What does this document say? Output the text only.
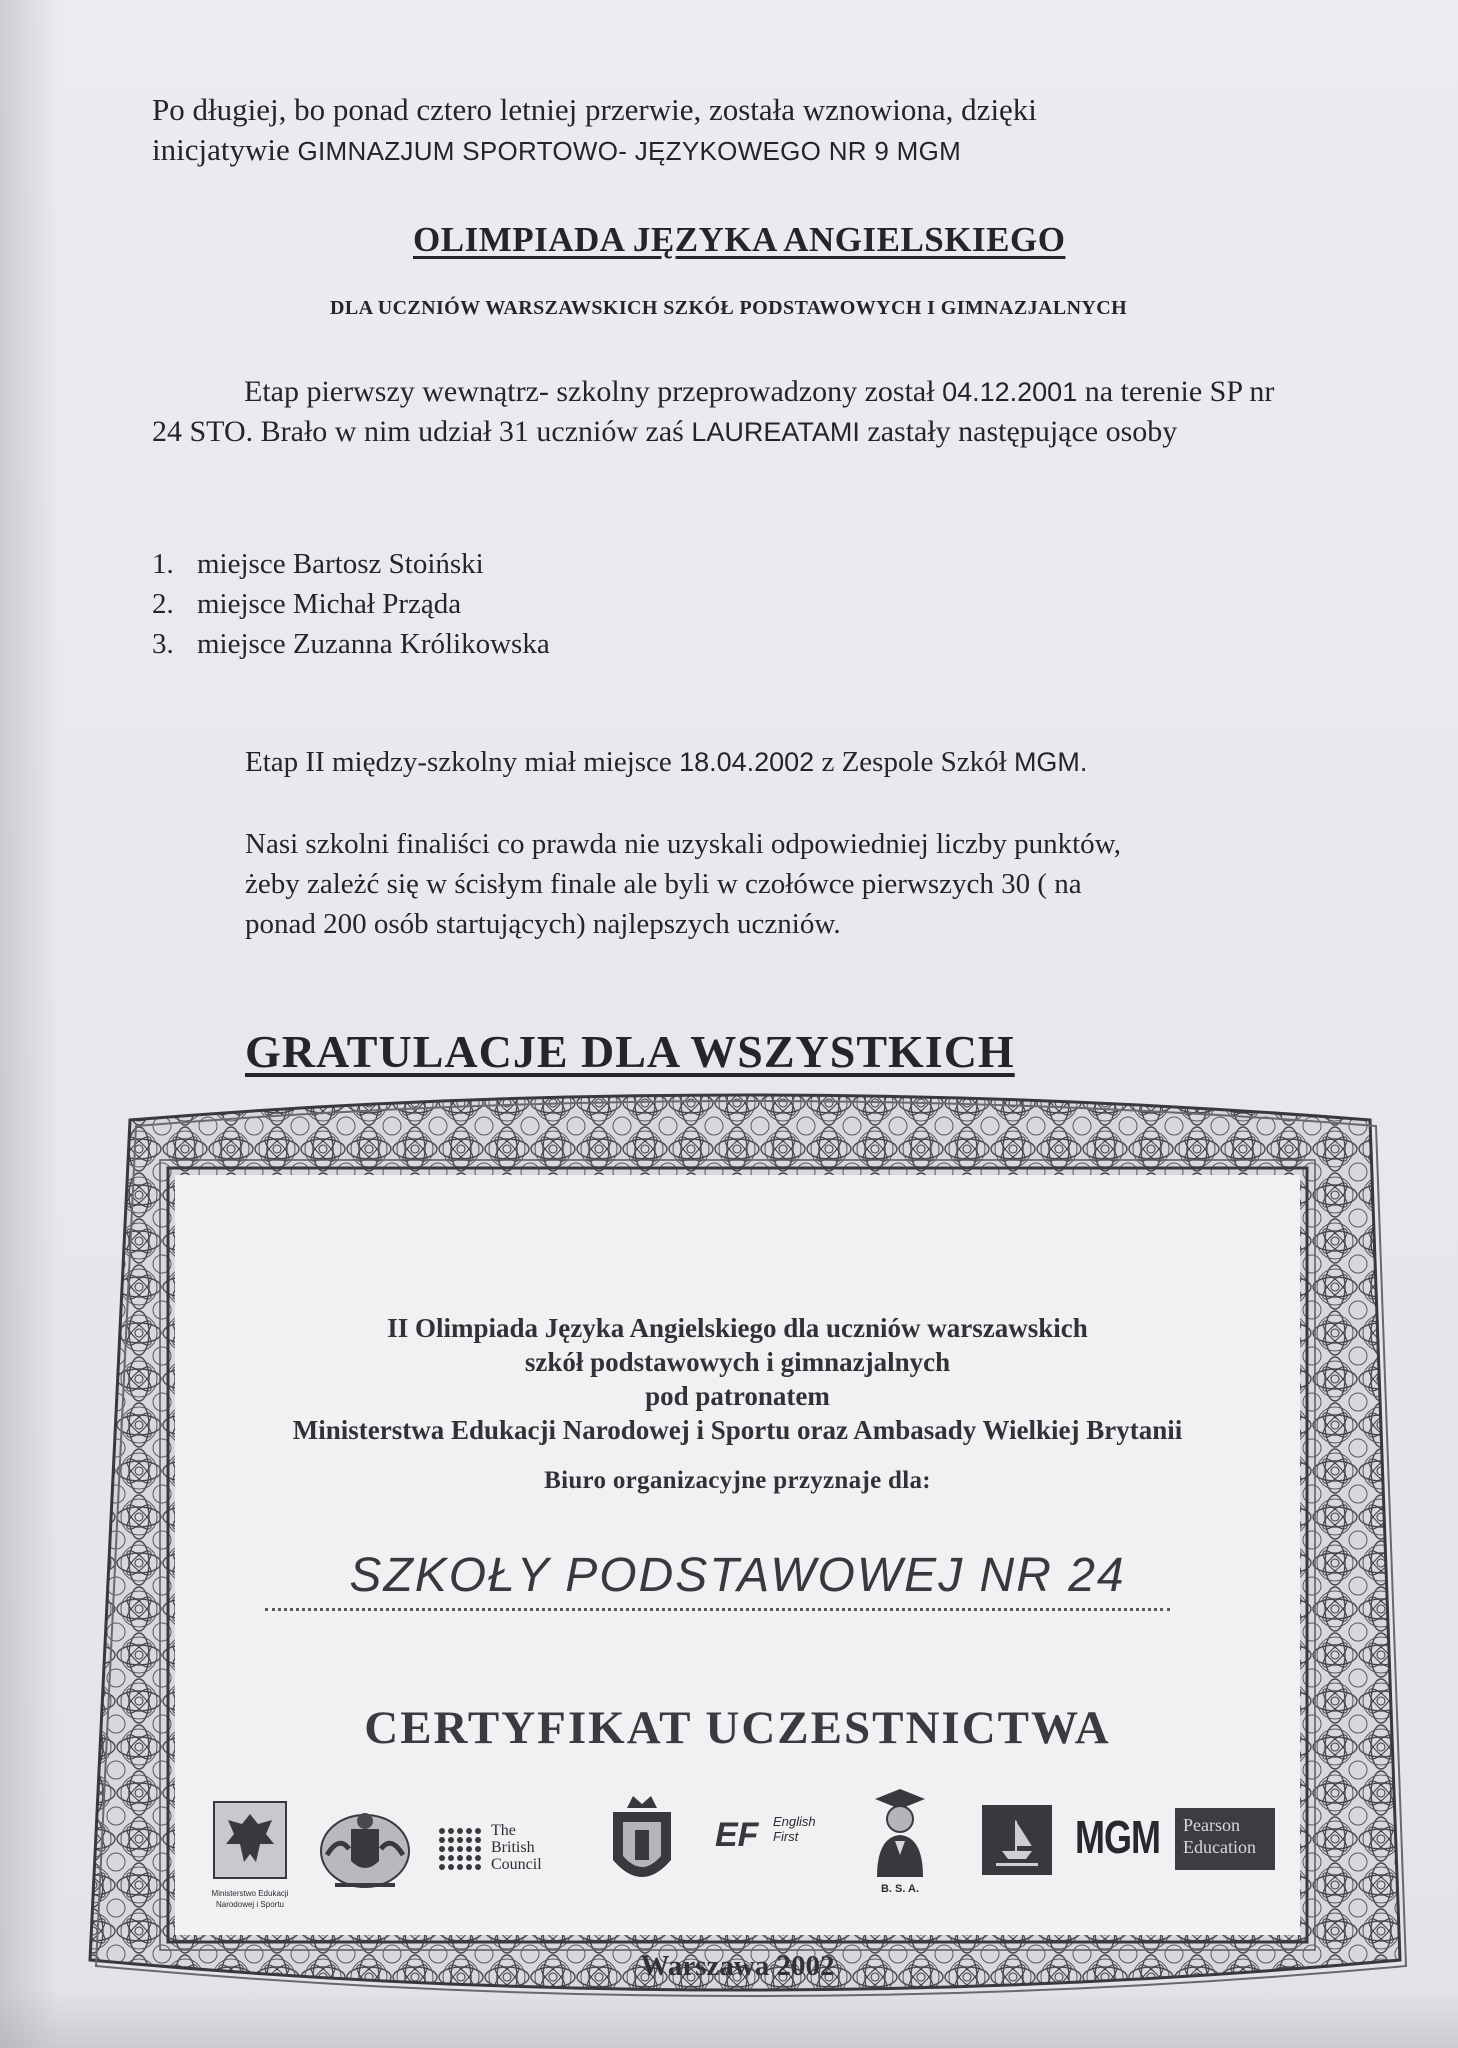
Po długiej, bo ponad cztero letniej przerwie, została wznowiona, dzięki
inicjatywie GIMNAZJUM SPORTOWO- JĘZYKOWEGO NR 9 MGM
OLIMPIADA JĘZYKA ANGIELSKIEGO
DLA UCZNIÓW WARSZAWSKICH SZKÓŁ PODSTAWOWYCH I GIMNAZJALNYCH
Etap pierwszy wewnątrz- szkolny przeprowadzony został 04.12.2001 na terenie SP nr 24 STO. Brało w nim udział 31 uczniów zaś LAUREATAMI zastały następujące osoby
1. miejsce Bartosz Stoiński
2. miejsce Michał Prząda
3. miejsce Zuzanna Królikowska
Etap II między-szkolny miał miejsce 18.04.2002 z Zespole Szkół MGM.
Nasi szkolni finaliści co prawda nie uzyskali odpowiedniej liczby punktów,
żeby zależć się w ścisłym finale ale byli w czołówce pierwszych 30 ( na
ponad 200 osób startujących) najlepszych uczniów.
GRATULACJE DLA WSZYSTKICH
II Olimpiada Języka Angielskiego dla uczniów warszawskich
szkół podstawowych i gimnazjalnych
pod patronatem
Ministerstwa Edukacji Narodowej i Sportu oraz Ambasady Wielkiej Brytanii
Biuro organizacyjne przyznaje dla:
SZKOŁY PODSTAWOWEJ NR 24
CERTYFIKAT UCZESTNICTWA
Ministerstwo Edukacji
Narodowej i Sportu
The
British
Council
EF English
First
B. S. A.
MGM Pearson
Education
Warszawa 2002
